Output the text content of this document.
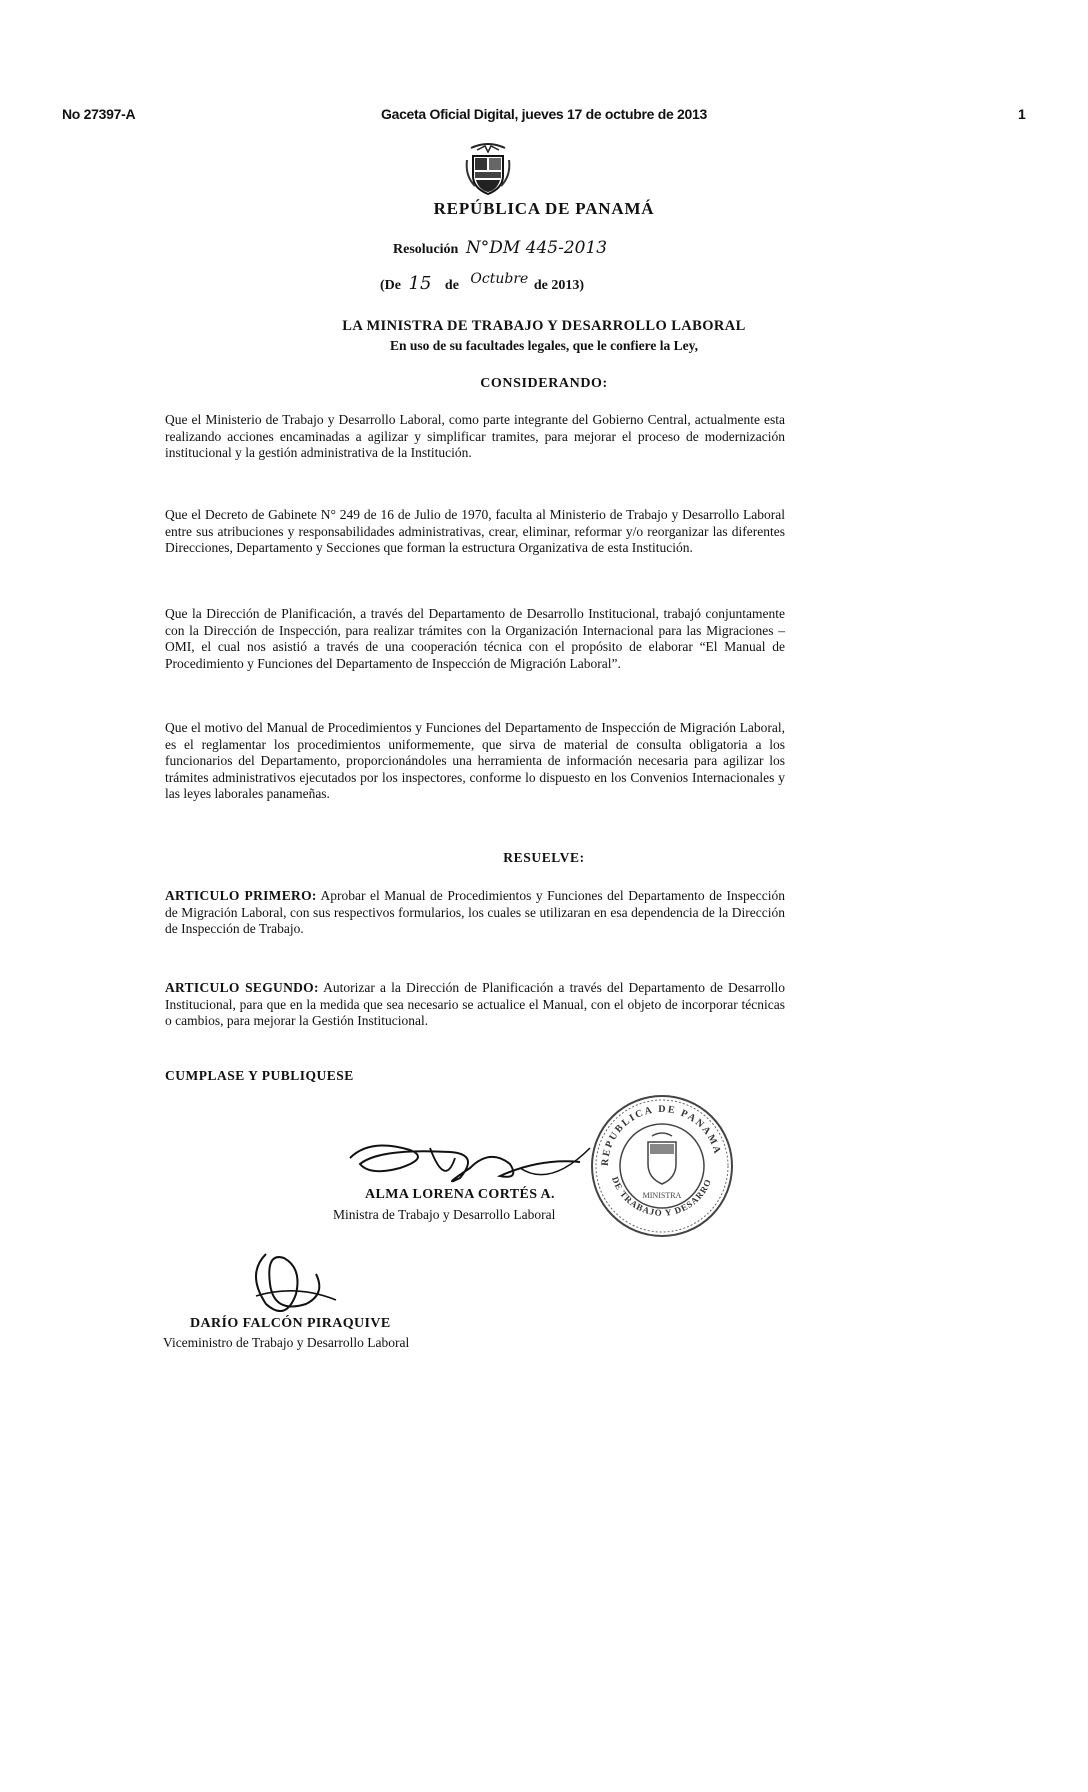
No 27397-A	Gaceta Oficial Digital, jueves 17 de octubre de 2013	1
REPÚBLICA DE PANAMÁ
Resolución N°DM 445-2013
(De 15 de Octubre de 2013)
LA MINISTRA DE TRABAJO Y DESARROLLO LABORAL
En uso de su facultades legales, que le confiere la Ley,
CONSIDERANDO:
Que el Ministerio de Trabajo y Desarrollo Laboral, como parte integrante del Gobierno Central, actualmente esta realizando acciones encaminadas a agilizar y simplificar tramites, para mejorar el proceso de modernización institucional y la gestión administrativa de la Institución.
Que el Decreto de Gabinete N° 249 de 16 de Julio de 1970, faculta al Ministerio de Trabajo y Desarrollo Laboral entre sus atribuciones y responsabilidades administrativas, crear, eliminar, reformar y/o reorganizar las diferentes Direcciones, Departamento y Secciones que forman la estructura Organizativa de esta Institución.
Que la Dirección de Planificación, a través del Departamento de Desarrollo Institucional, trabajó conjuntamente con la Dirección de Inspección, para realizar trámites con la Organización Internacional para las Migraciones – OMI, el cual nos asistió a través de una cooperación técnica con el propósito de elaborar “El Manual de Procedimiento y Funciones del Departamento de Inspección de Migración Laboral”.
Que el motivo del Manual de Procedimientos y Funciones del Departamento de Inspección de Migración Laboral, es el reglamentar los procedimientos uniformemente, que sirva de material de consulta obligatoria a los funcionarios del Departamento, proporcionándoles una herramienta de información necesaria para agilizar los trámites administrativos ejecutados por los inspectores, conforme lo dispuesto en los Convenios Internacionales y las leyes laborales panameñas.
RESUELVE:
ARTICULO PRIMERO: Aprobar el Manual de Procedimientos y Funciones del Departamento de Inspección de Migración Laboral, con sus respectivos formularios, los cuales se utilizaran en esa dependencia de la Dirección de Inspección de Trabajo.
ARTICULO SEGUNDO: Autorizar a la Dirección de Planificación a través del Departamento de Desarrollo Institucional, para que en la medida que sea necesario se actualice el Manual, con el objeto de incorporar técnicas o cambios, para mejorar la Gestión Institucional.
CUMPLASE Y PUBLIQUESE
REPUBLICA DE PANAMA
DE TRABAJO Y DESARRO
MINISTRA
ALMA LORENA CORTÉS A.
Ministra de Trabajo y Desarrollo Laboral
DARÍO FALCÓN PIRAQUIVE
Viceministro de Trabajo y Desarrollo Laboral
